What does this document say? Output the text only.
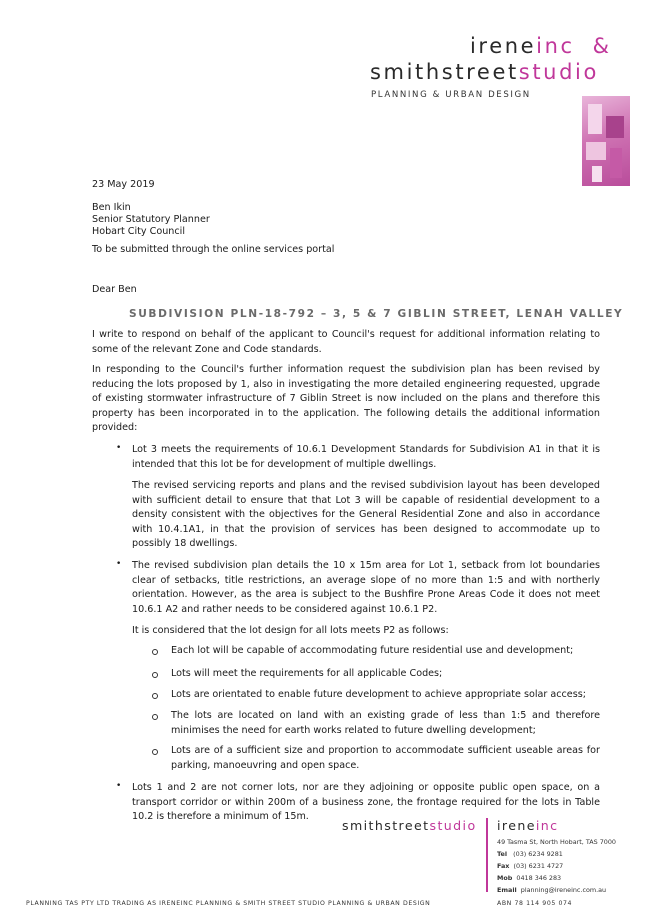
ireneinc &
smithstreetstudio
PLANNING & URBAN DESIGN
23 May 2019
Ben Ikin
Senior Statutory Planner
Hobart City Council
To be submitted through the online services portal
Dear Ben
SUBDIVISION PLN-18-792 – 3, 5 & 7 GIBLIN STREET, LENAH VALLEY

I write to respond on behalf of the applicant to Council's request for additional information relating to some of the relevant Zone and Code standards.

In responding to the Council's further information request the subdivision plan has been revised by reducing the lots proposed by 1, also in investigating the more detailed engineering requested, upgrade of existing stormwater infrastructure of 7 Giblin Street is now included on the plans and therefore this property has been incorporated in to the application. The following details the additional information provided:

• Lot 3 meets the requirements of 10.6.1 Development Standards for Subdivision A1 in that it is intended that this lot be for development of multiple dwellings.

The revised servicing reports and plans and the revised subdivision layout has been developed with sufficient detail to ensure that that Lot 3 will be capable of residential development to a density consistent with the objectives for the General Residential Zone and also in accordance with 10.4.1A1, in that the provision of services has been designed to accommodate up to possibly 18 dwellings.

• The revised subdivision plan details the 10 x 15m area for Lot 1, setback from lot boundaries clear of setbacks, title restrictions, an average slope of no more than 1:5 and with northerly orientation. However, as the area is subject to the Bushfire Prone Areas Code it does not meet 10.6.1 A2 and rather needs to be considered against 10.6.1 P2.

It is considered that the lot design for all lots meets P2 as follows:

Each lot will be capable of accommodating future residential use and development;

Lots will meet the requirements for all applicable Codes;

Lots are orientated to enable future development to achieve appropriate solar access;

The lots are located on land with an existing grade of less than 1:5 and therefore minimises the need for earth works related to future dwelling development;

Lots are of a sufficient size and proportion to accommodate sufficient useable areas for parking, manoeuvring and open space.

• Lots 1 and 2 are not corner lots, nor are they adjoining or opposite public open space, on a transport corridor or within 200m of a business zone, the frontage required for the lots in Table 10.2 is therefore a minimum of 15m.

smithstreetstudio ireneinc
49 Tasma St, North Hobart, TAS 7000
Tel (03) 6234 9281
Fax (03) 6231 4727
Mob 0418 346 283
Email planning@ireneinc.com.au
PLANNING TAS PTY LTD TRADING AS IRENEINC PLANNING & SMITH STREET STUDIO PLANNING & URBAN DESIGN	ABN 78 114 905 074
